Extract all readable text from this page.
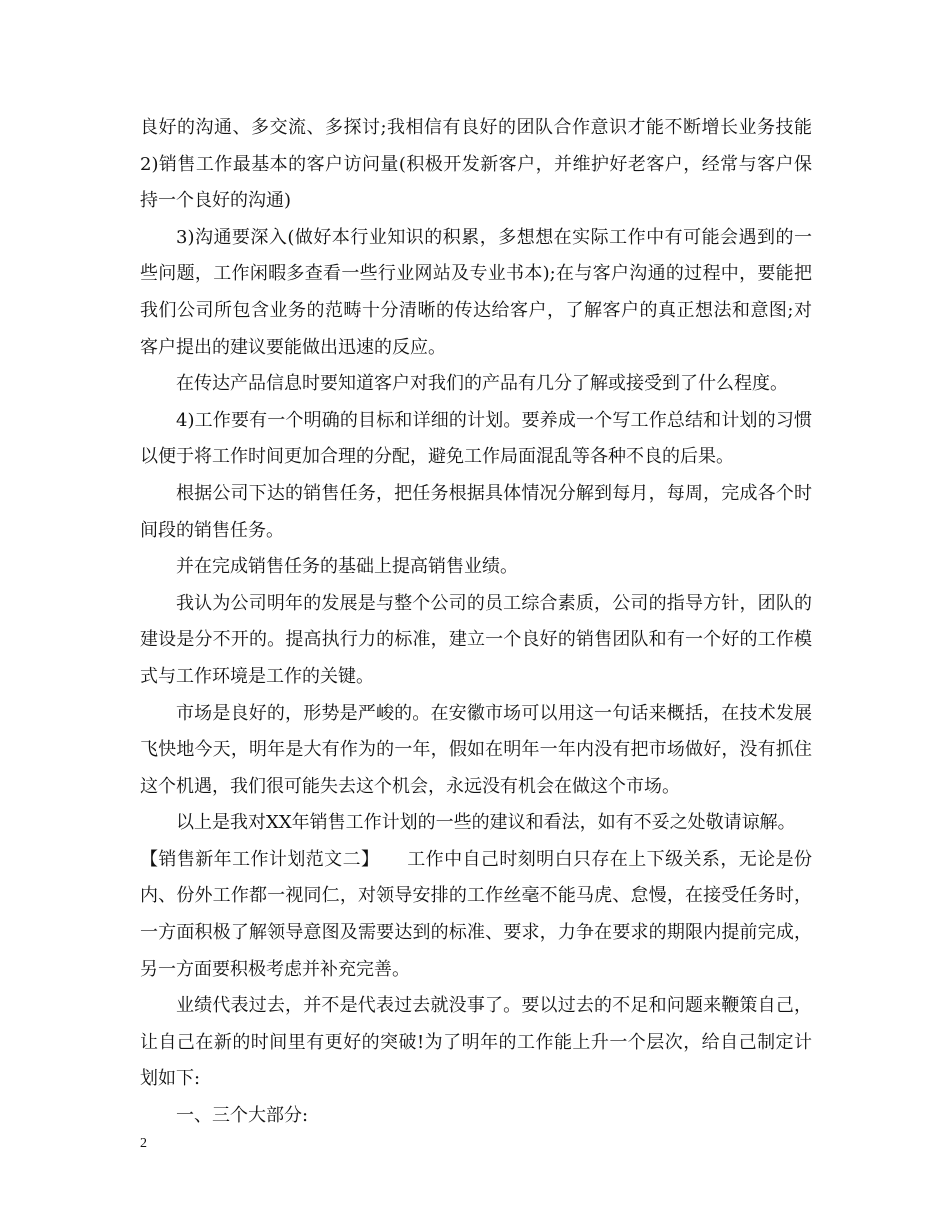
良好的沟通、多交流、多探讨;我相信有良好的团队合作意识才能不断增长业务技能2)销售工作最基本的客户访问量(积极开发新客户，并维护好老客户，经常与客户保持一个良好的沟通)

3)沟通要深入(做好本行业知识的积累，多想想在实际工作中有可能会遇到的一些问题，工作闲暇多查看一些行业网站及专业书本);在与客户沟通的过程中，要能把我们公司所包含业务的范畴十分清晰的传达给客户，了解客户的真正想法和意图;对客户提出的建议要能做出迅速的反应。

在传达产品信息时要知道客户对我们的产品有几分了解或接受到了什么程度。

4)工作要有一个明确的目标和详细的计划。要养成一个写工作总结和计划的习惯以便于将工作时间更加合理的分配，避免工作局面混乱等各种不良的后果。

根据公司下达的销售任务，把任务根据具体情况分解到每月，每周，完成各个时间段的销售任务。

并在完成销售任务的基础上提高销售业绩。

我认为公司明年的发展是与整个公司的员工综合素质，公司的指导方针，团队的建设是分不开的。提高执行力的标准，建立一个良好的销售团队和有一个好的工作模式与工作环境是工作的关键。

市场是良好的，形势是严峻的。在安徽市场可以用这一句话来概括，在技术发展飞快地今天，明年是大有作为的一年，假如在明年一年内没有把市场做好，没有抓住这个机遇，我们很可能失去这个机会，永远没有机会在做这个市场。

以上是我对XX年销售工作计划的一些的建议和看法，如有不妥之处敬请谅解。

【销售新年工作计划范文二】　　工作中自己时刻明白只存在上下级关系，无论是份内、份外工作都一视同仁，对领导安排的工作丝毫不能马虎、怠慢，在接受任务时，一方面积极了解领导意图及需要达到的标准、要求，力争在要求的期限内提前完成，另一方面要积极考虑并补充完善。

业绩代表过去，并不是代表过去就没事了。要以过去的不足和问题来鞭策自己，让自己在新的时间里有更好的突破!为了明年的工作能上升一个层次，给自己制定计划如下:

一、三个大部分:

2
